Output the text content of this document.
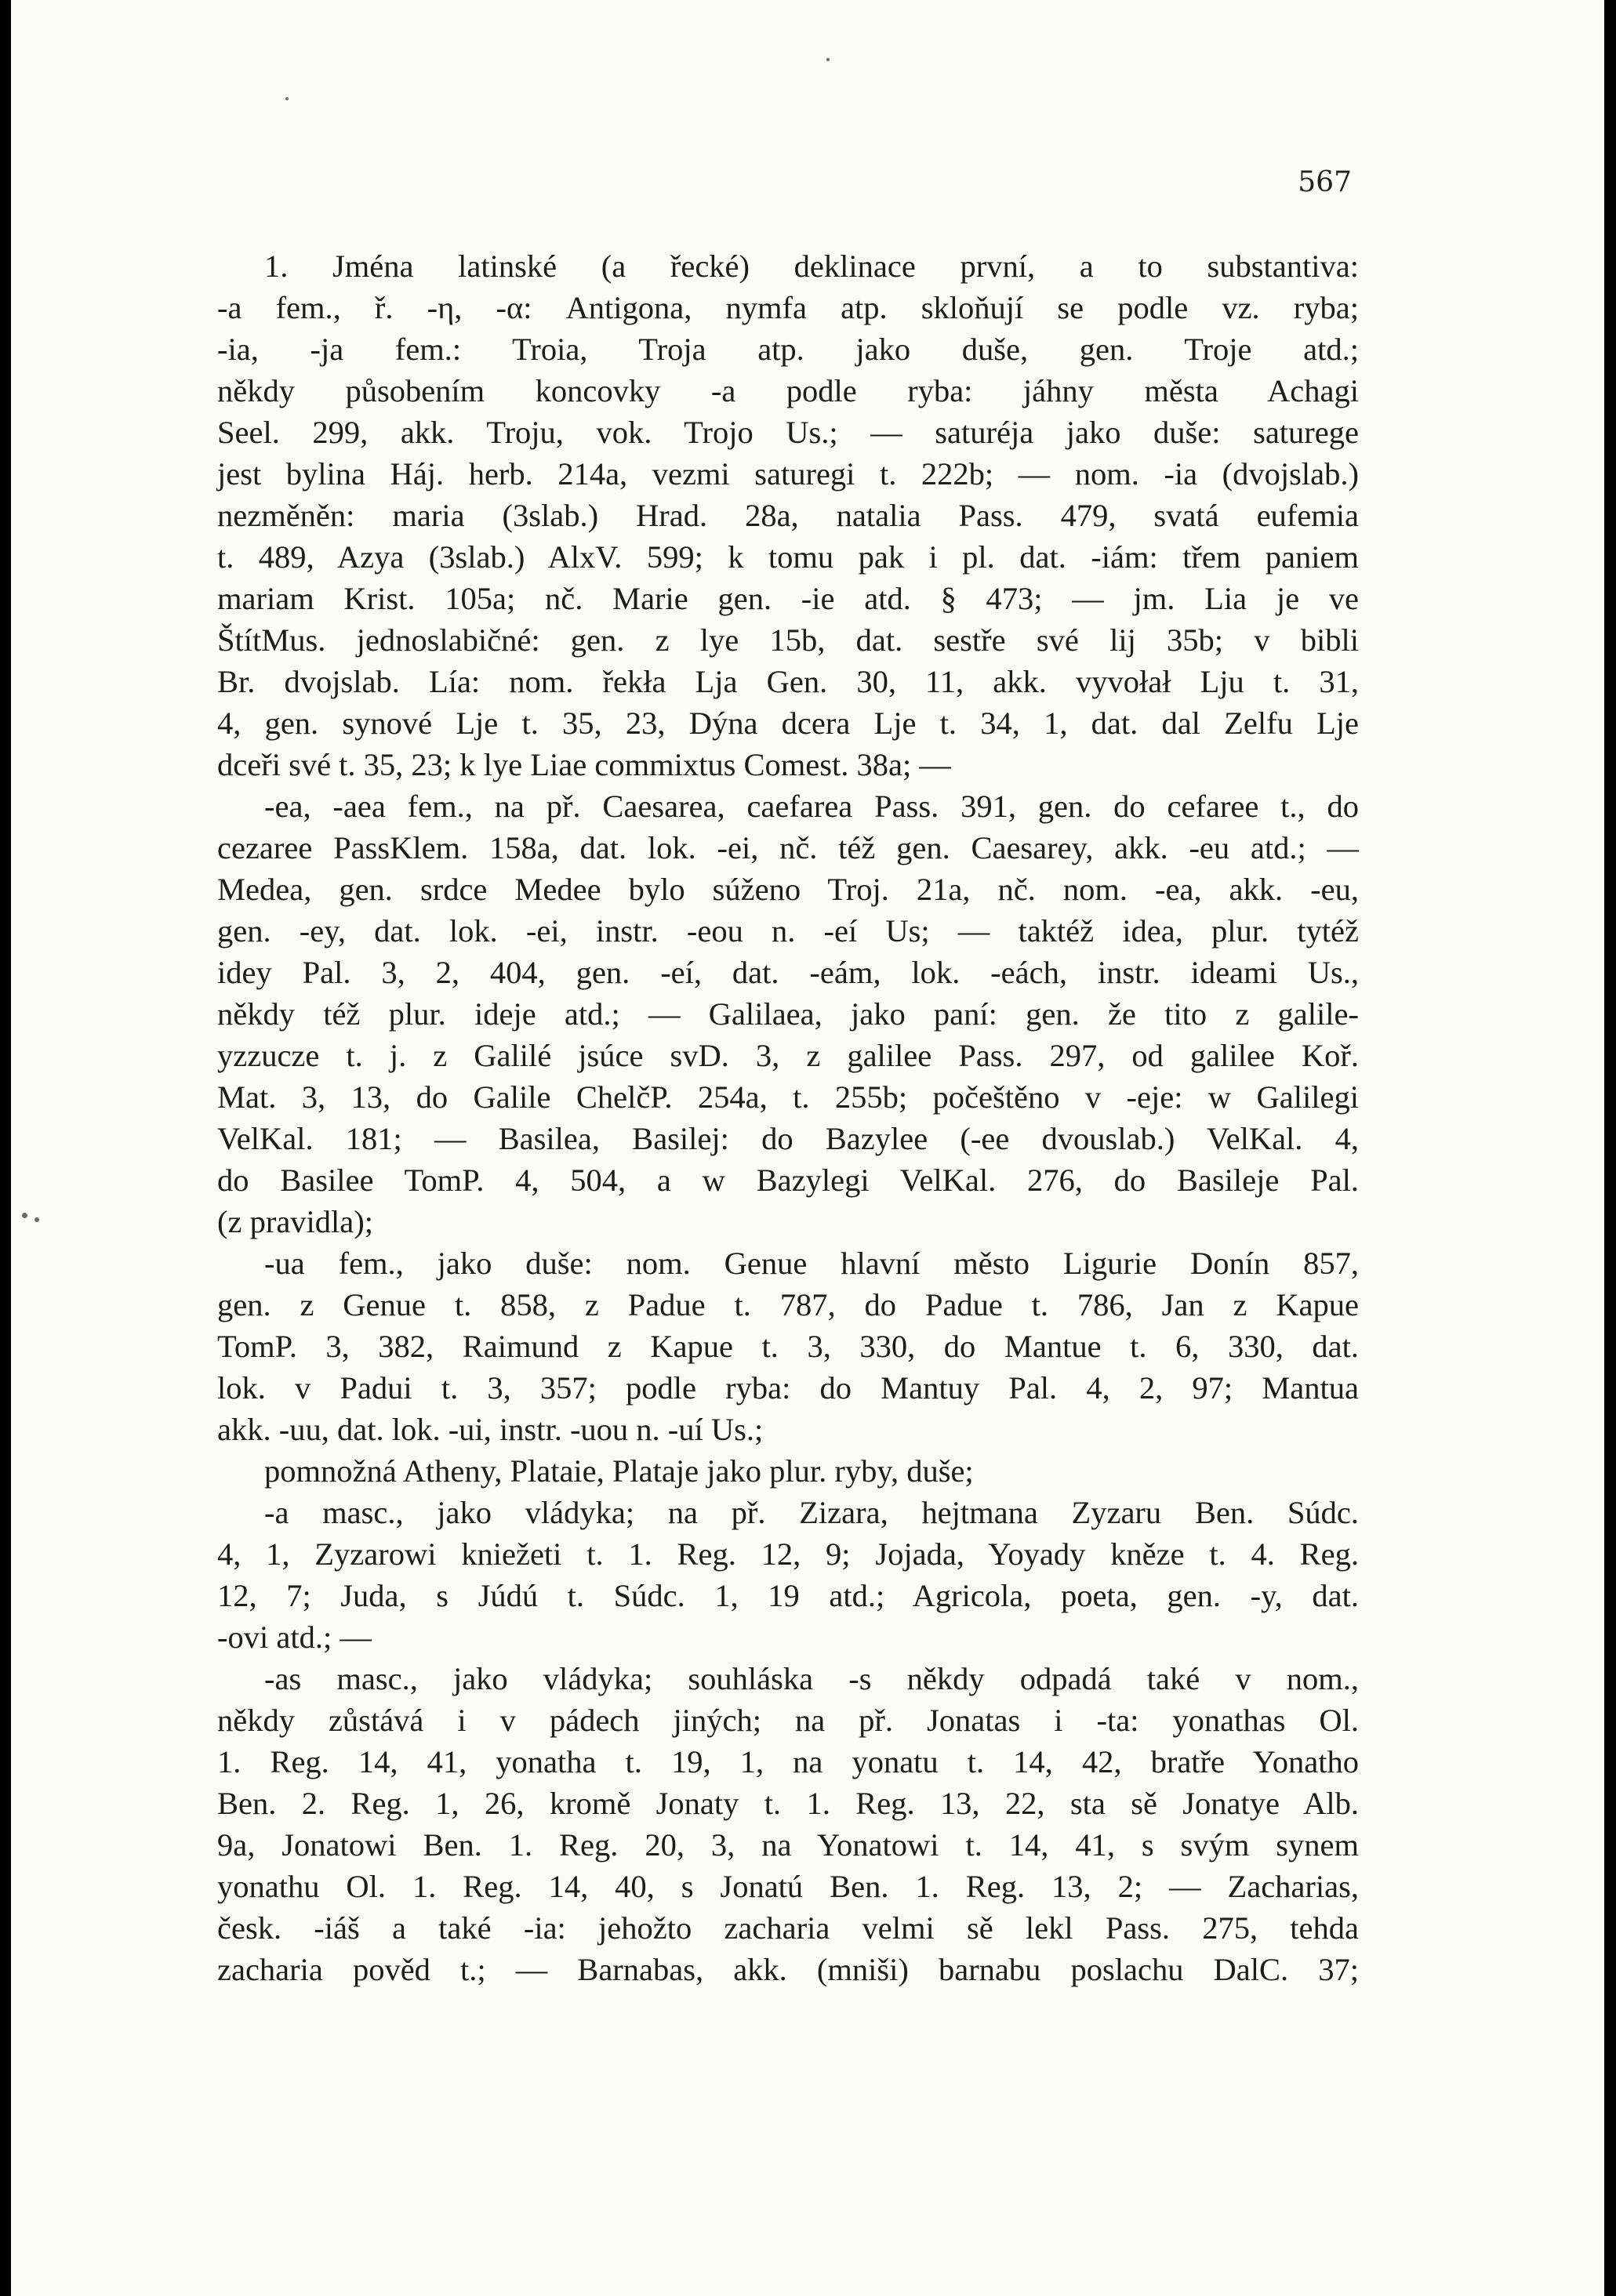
567
1. Jména latinské (a řecké) deklinace první, a to substantiva:
-a fem., ř. -η, -α: Antigona, nymfa atp. skloňují se podle vz. ryba;
-ia, -ja fem.: Troia, Troja atp. jako duše, gen. Troje atd.;
někdy působením koncovky -a podle ryba: jáhny města Achagi
Seel. 299, akk. Troju, vok. Trojo Us.; — saturéja jako duše: saturege
jest bylina Háj. herb. 214a, vezmi saturegi t. 222b; — nom. -ia (dvojslab.)
nezměněn: maria (3slab.) Hrad. 28a, natalia Pass. 479, svatá eufemia
t. 489, Azya (3slab.) AlxV. 599; k tomu pak i pl. dat. -iám: třem paniem
mariam Krist. 105a; nč. Marie gen. -ie atd. § 473; — jm. Lia je ve
ŠtítMus. jednoslabičné: gen. z lye 15b, dat. sestře své lij 35b; v bibli
Br. dvojslab. Lía: nom. řekła Lja Gen. 30, 11, akk. vyvołał Lju t. 31,
4, gen. synové Lje t. 35, 23, Dýna dcera Lje t. 34, 1, dat. dal Zelfu Lje
dceři své t. 35, 23; k lye Liae commixtus Comest. 38a; —
-ea, -aea fem., na př. Caesarea, caefarea Pass. 391, gen. do cefaree t., do
cezaree PassKlem. 158a, dat. lok. -ei, nč. též gen. Caesarey, akk. -eu atd.; —
Medea, gen. srdce Medee bylo súženo Troj. 21a, nč. nom. -ea, akk. -eu,
gen. -ey, dat. lok. -ei, instr. -eou n. -eí Us; — taktéž idea, plur. tytéž
idey Pal. 3, 2, 404, gen. -eí, dat. -eám, lok. -eách, instr. ideami Us.,
někdy též plur. ideje atd.; — Galilaea, jako paní: gen. že tito z galile-
yzzucze t. j. z Galilé jsúce svD. 3, z galilee Pass. 297, od galilee Koř.
Mat. 3, 13, do Galile ChelčP. 254a, t. 255b; počeštěno v -eje: w Galilegi
VelKal. 181; — Basilea, Basilej: do Bazylee (-ee dvouslab.) VelKal. 4,
do Basilee TomP. 4, 504, a w Bazylegi VelKal. 276, do Basileje Pal.
(z pravidla);
-ua fem., jako duše: nom. Genue hlavní město Ligurie Donín 857,
gen. z Genue t. 858, z Padue t. 787, do Padue t. 786, Jan z Kapue
TomP. 3, 382, Raimund z Kapue t. 3, 330, do Mantue t. 6, 330, dat.
lok. v Padui t. 3, 357; podle ryba: do Mantuy Pal. 4, 2, 97; Mantua
akk. -uu, dat. lok. -ui, instr. -uou n. -uí Us.;
pomnožná Atheny, Plataie, Plataje jako plur. ryby, duše;
-a masc., jako vládyka; na př. Zizara, hejtmana Zyzaru Ben. Súdc.
4, 1, Zyzarowi kniežeti t. 1. Reg. 12, 9; Jojada, Yoyady kněze t. 4. Reg.
12, 7; Juda, s Júdú t. Súdc. 1, 19 atd.; Agricola, poeta, gen. -y, dat.
-ovi atd.; —
-as masc., jako vládyka; souhláska -s někdy odpadá také v nom.,
někdy zůstává i v pádech jiných; na př. Jonatas i -ta: yonathas Ol.
1. Reg. 14, 41, yonatha t. 19, 1, na yonatu t. 14, 42, bratře Yonatho
Ben. 2. Reg. 1, 26, kromě Jonaty t. 1. Reg. 13, 22, sta sě Jonatye Alb.
9a, Jonatowi Ben. 1. Reg. 20, 3, na Yonatowi t. 14, 41, s svým synem
yonathu Ol. 1. Reg. 14, 40, s Jonatú Ben. 1. Reg. 13, 2; — Zacharias,
česk. -iáš a také -ia: jehožto zacharia velmi sě lekl Pass. 275, tehda
zacharia pověd t.; — Barnabas, akk. (mniši) barnabu poslachu DalC. 37;
